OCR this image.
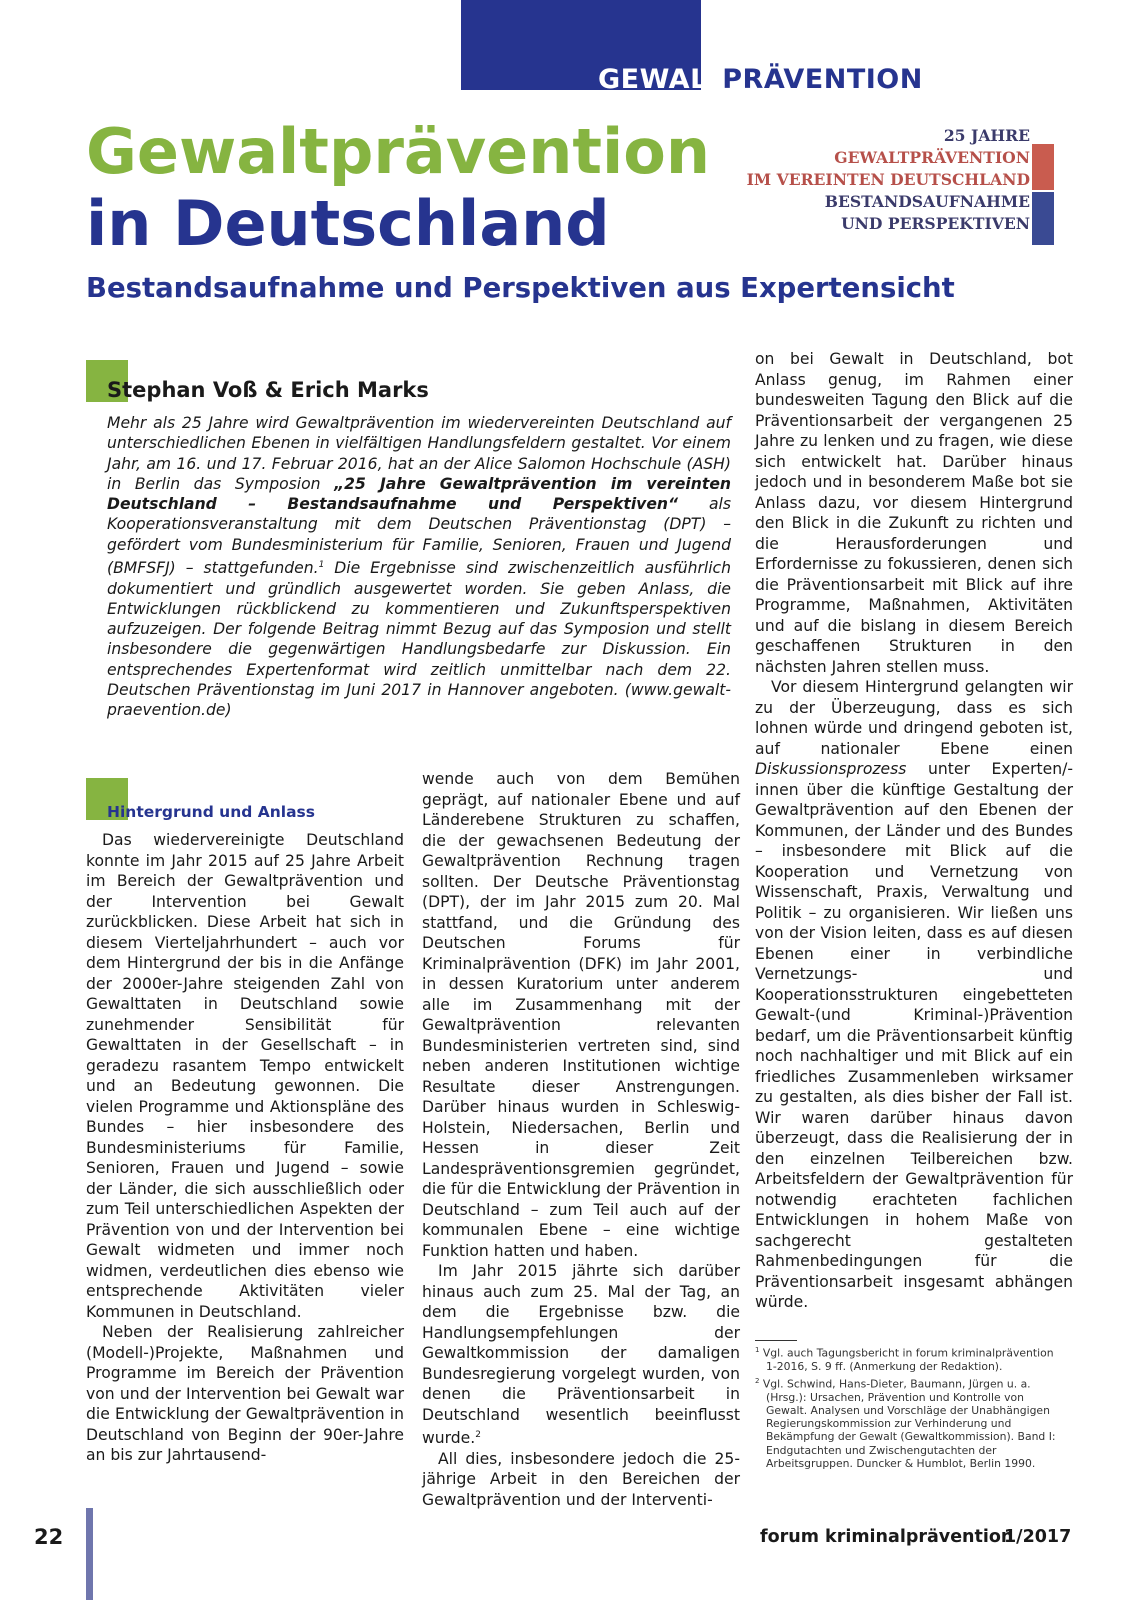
GEWALTPRÄVENTION
Gewaltprävention
in Deutschland
Bestandsaufnahme und Perspektiven aus Expertensicht
25 JAHRE
GEWALTPRÄVENTION
IM VEREINTEN DEUTSCHLAND
BESTANDSAUFNAHME
UND PERSPEKTIVEN
Stephan Voß & Erich Marks

Mehr als 25 Jahre wird Gewaltprävention im wiedervereinten Deutschland auf unterschiedlichen Ebenen in vielfältigen Handlungsfeldern gestaltet. Vor einem Jahr, am 16. und 17. Februar 2016, hat an der Alice Salomon Hochschule (ASH) in Berlin das Symposion „25 Jahre Gewaltprävention im vereinten Deutschland – Bestandsaufnahme und Perspektiven“ als Kooperationsveranstaltung mit dem Deutschen Präventionstag (DPT) – gefördert vom Bundesministerium für Familie, Senioren, Frauen und Jugend (BMFSFJ) – stattgefunden.$^1$ Die Ergebnisse sind zwischenzeitlich ausführlich dokumentiert und gründlich ausgewertet worden. Sie geben Anlass, die Entwicklungen rückblickend zu kommentieren und Zukunftsperspektiven aufzuzeigen. Der folgende Beitrag nimmt Bezug auf das Symposion und stellt insbesondere die gegenwärtigen Handlungsbedarfe zur Diskussion. Ein entsprechendes Expertenformat wird zeitlich unmittelbar nach dem 22. Deutschen Präventionstag im Juni 2017 in Hannover angeboten. (www.gewalt-praevention.de)

Hintergrund und Anlass

Das wiedervereinigte Deutschland konnte im Jahr 2015 auf 25 Jahre Arbeit im Bereich der Gewaltprävention und der Intervention bei Gewalt zurückblicken. Diese Arbeit hat sich in diesem Vierteljahrhundert – auch vor dem Hintergrund der bis in die Anfänge der 2000er-Jahre steigenden Zahl von Gewalttaten in Deutschland sowie zunehmender Sensibilität für Gewalttaten in der Gesellschaft – in geradezu rasantem Tempo entwickelt und an Bedeutung gewonnen. Die vielen Programme und Aktionspläne des Bundes – hier insbesondere des Bundesministeriums für Familie, Senioren, Frauen und Jugend – sowie der Länder, die sich ausschließlich oder zum Teil unterschiedlichen Aspekten der Prävention von und der Intervention bei Gewalt widmeten und immer noch widmen, verdeutlichen dies ebenso wie entsprechende Aktivitäten vieler Kommunen in Deutschland.

Neben der Realisierung zahlreicher (Modell-)Projekte, Maßnahmen und Programme im Bereich der Prävention von und der Intervention bei Gewalt war die Entwicklung der Gewaltprävention in Deutschland von Beginn der 90er-Jahre an bis zur Jahrtausend-

wende auch von dem Bemühen geprägt, auf nationaler Ebene und auf Länderebene Strukturen zu schaffen, die der gewachsenen Bedeutung der Gewaltprävention Rechnung tragen sollten. Der Deutsche Präventionstag (DPT), der im Jahr 2015 zum 20. Mal stattfand, und die Gründung des Deutschen Forums für Kriminalprävention (DFK) im Jahr 2001, in dessen Kuratorium unter anderem alle im Zusammenhang mit der Gewaltprävention relevanten Bundesministerien vertreten sind, sind neben anderen Institutionen wichtige Resultate dieser Anstrengungen. Darüber hinaus wurden in Schleswig-Holstein, Niedersachen, Berlin und Hessen in dieser Zeit Landespräventionsgremien gegründet, die für die Entwicklung der Prävention in Deutschland – zum Teil auch auf der kommunalen Ebene – eine wichtige Funktion hatten und haben.

Im Jahr 2015 jährte sich darüber hinaus auch zum 25. Mal der Tag, an dem die Ergebnisse bzw. die Handlungsempfehlungen der Gewaltkommission der damaligen Bundesregierung vorgelegt wurden, von denen die Präventionsarbeit in Deutschland wesentlich beeinflusst wurde.$^2$

All dies, insbesondere jedoch die 25-jährige Arbeit in den Bereichen der Gewaltprävention und der Interventi-

on bei Gewalt in Deutschland, bot Anlass genug, im Rahmen einer bundesweiten Tagung den Blick auf die Präventionsarbeit der vergangenen 25 Jahre zu lenken und zu fragen, wie diese sich entwickelt hat. Darüber hinaus jedoch und in besonderem Maße bot sie Anlass dazu, vor diesem Hintergrund den Blick in die Zukunft zu richten und die Herausforderungen und Erfordernisse zu fokussieren, denen sich die Präventionsarbeit mit Blick auf ihre Programme, Maßnahmen, Aktivitäten und auf die bislang in diesem Bereich geschaffenen Strukturen in den nächsten Jahren stellen muss.

Vor diesem Hintergrund gelangten wir zu der Überzeugung, dass es sich lohnen würde und dringend geboten ist, auf nationaler Ebene einen Diskussionsprozess unter Experten/-innen über die künftige Gestaltung der Gewaltprävention auf den Ebenen der Kommunen, der Länder und des Bundes – insbesondere mit Blick auf die Kooperation und Vernetzung von Wissenschaft, Praxis, Verwaltung und Politik – zu organisieren. Wir ließen uns von der Vision leiten, dass es auf diesen Ebenen einer in verbindliche Vernetzungs- und Kooperationsstrukturen eingebetteten Gewalt-(und Kriminal-)Prävention bedarf, um die Präventionsarbeit künftig noch nachhaltiger und mit Blick auf ein friedliches Zusammenleben wirksamer zu gestalten, als dies bisher der Fall ist. Wir waren darüber hinaus davon überzeugt, dass die Realisierung der in den einzelnen Teilbereichen bzw. Arbeitsfeldern der Gewaltprävention für notwendig erachteten fachlichen Entwicklungen in hohem Maße von sachgerecht gestalteten Rahmenbedingungen für die Präventionsarbeit insgesamt abhängen würde.

$^1$ Vgl. auch Tagungsbericht in forum kriminalprävention 1-2016, S. 9 ff. (Anmerkung der Redaktion).

$^2$ Vgl. Schwind, Hans-Dieter, Baumann, Jürgen u. a. (Hrsg.): Ursachen, Prävention und Kontrolle von Gewalt. Analysen und Vorschläge der Unabhängigen Regierungskommission zur Verhinderung und Bekämpfung der Gewalt (Gewaltkommission). Band I: Endgutachten und Zwischengutachten der Arbeitsgruppen. Duncker & Humblot, Berlin 1990.

22	forum kriminalprävention
1/2017
